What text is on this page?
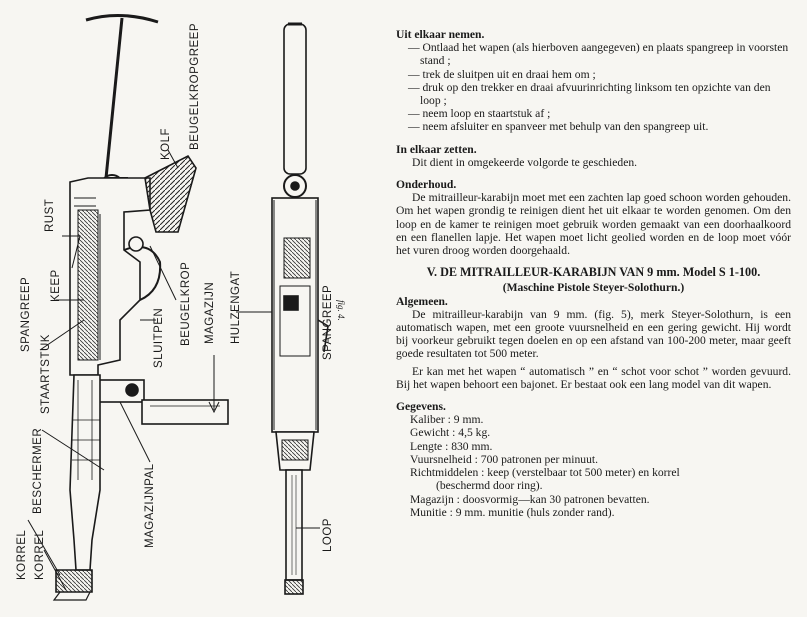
KOLF BEUGELKROPGREEP
RUST
KEEP
SPANGREEP
STAARTSTUK	SLUITPEN BEUGELKROP MAGAZIJN HULZENGAT	SPANGREEP
BESCHERMER
KORREL KORREL
MAGAZIJNPAL	LOOP
fig. 4.

Uit elkaar nemen.

— Ontlaad het wapen (als hierboven aangegeven) en plaats spangreep in voorsten stand ;

— trek de sluitpen uit en draai hem om ;

— druk op den trekker en draai afvuurinrichting linksom ten opzichte van den loop ;

— neem loop en staartstuk af ;

— neem afsluiter en spanveer met behulp van den spangreep uit.

In elkaar zetten.

Dit dient in omgekeerde volgorde te geschieden.

Onderhoud.

De mitrailleur-karabijn moet met een zachten lap goed schoon worden gehouden. Om het wapen grondig te reinigen dient het uit elkaar te worden genomen. Om den loop en de kamer te reinigen moet gebruik worden gemaakt van een doorhaalkoord en een flanellen lapje. Het wapen moet licht geolied worden en de loop moet vóór het vuren droog worden doorgehaald.

V. DE MITRAILLEUR-KARABIJN VAN 9 mm. Model S 1-100.

(Maschine Pistole Steyer-Solothurn.)

Algemeen.

De mitrailleur-karabijn van 9 mm. (fig. 5), merk Steyer-Solothurn, is een automatisch wapen, met een groote vuursnelheid en een gering gewicht. Hij wordt bij voorkeur gebruikt tegen doelen en op een afstand van 100-200 meter, maar geeft goede resultaten tot 500 meter.

Er kan met het wapen “ automatisch ” en “ schot voor schot ” worden gevuurd. Bij het wapen behoort een bajonet. Er bestaat ook een lang model van dit wapen.

Gegevens.

Kaliber : 9 mm.

Gewicht : 4,5 kg.

Lengte : 830 mm.

Vuursnelheid : 700 patronen per minuut.

Richtmiddelen : keep (verstelbaar tot 500 meter) en korrel

(beschermd door ring).

Magazijn : doosvormig—kan 30 patronen bevatten.

Munitie : 9 mm. munitie (huls zonder rand).
